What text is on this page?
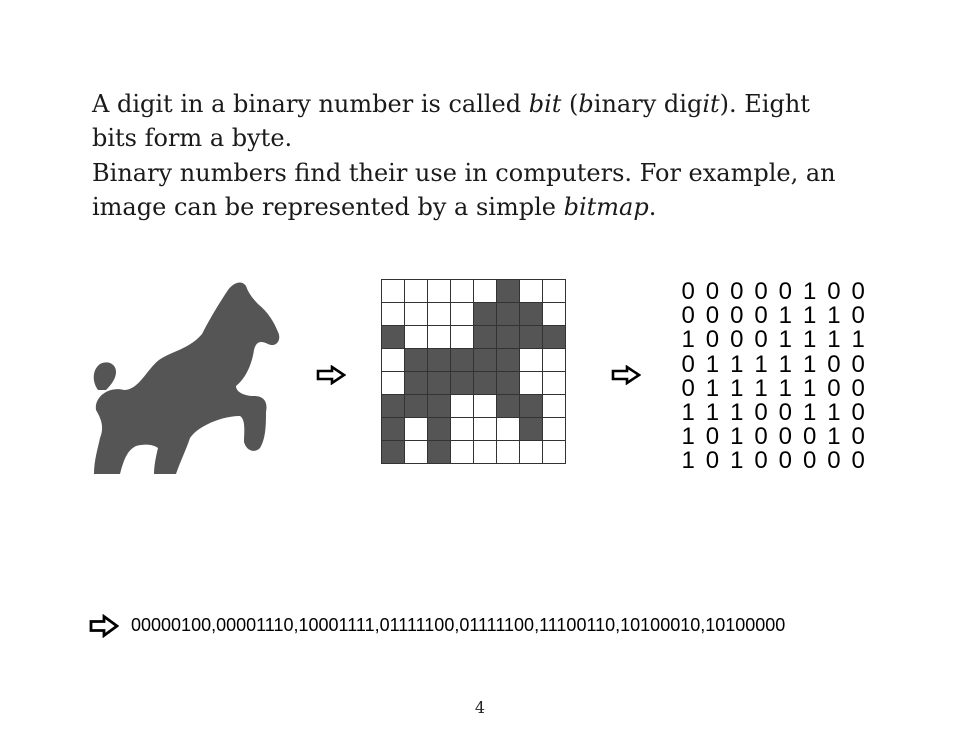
A digit in a binary number is called bit (binary digit). Eight bits form a byte.

Binary numbers find their use in computers. For example, an image can be represented by a simple bitmap.

0 0 0 0 0 1 0 0
0 0 0 0 1 1 1 0
1 0 0 0 1 1 1 1
0 1 1 1 1 1 0 0
0 1 1 1 1 1 0 0
1 1 1 0 0 1 1 0
1 0 1 0 0 0 1 0
1 0 1 0 0 0 0 0
00000100,00001110,10001111,01111100,01111100,11100110,10100010,10100000
4
